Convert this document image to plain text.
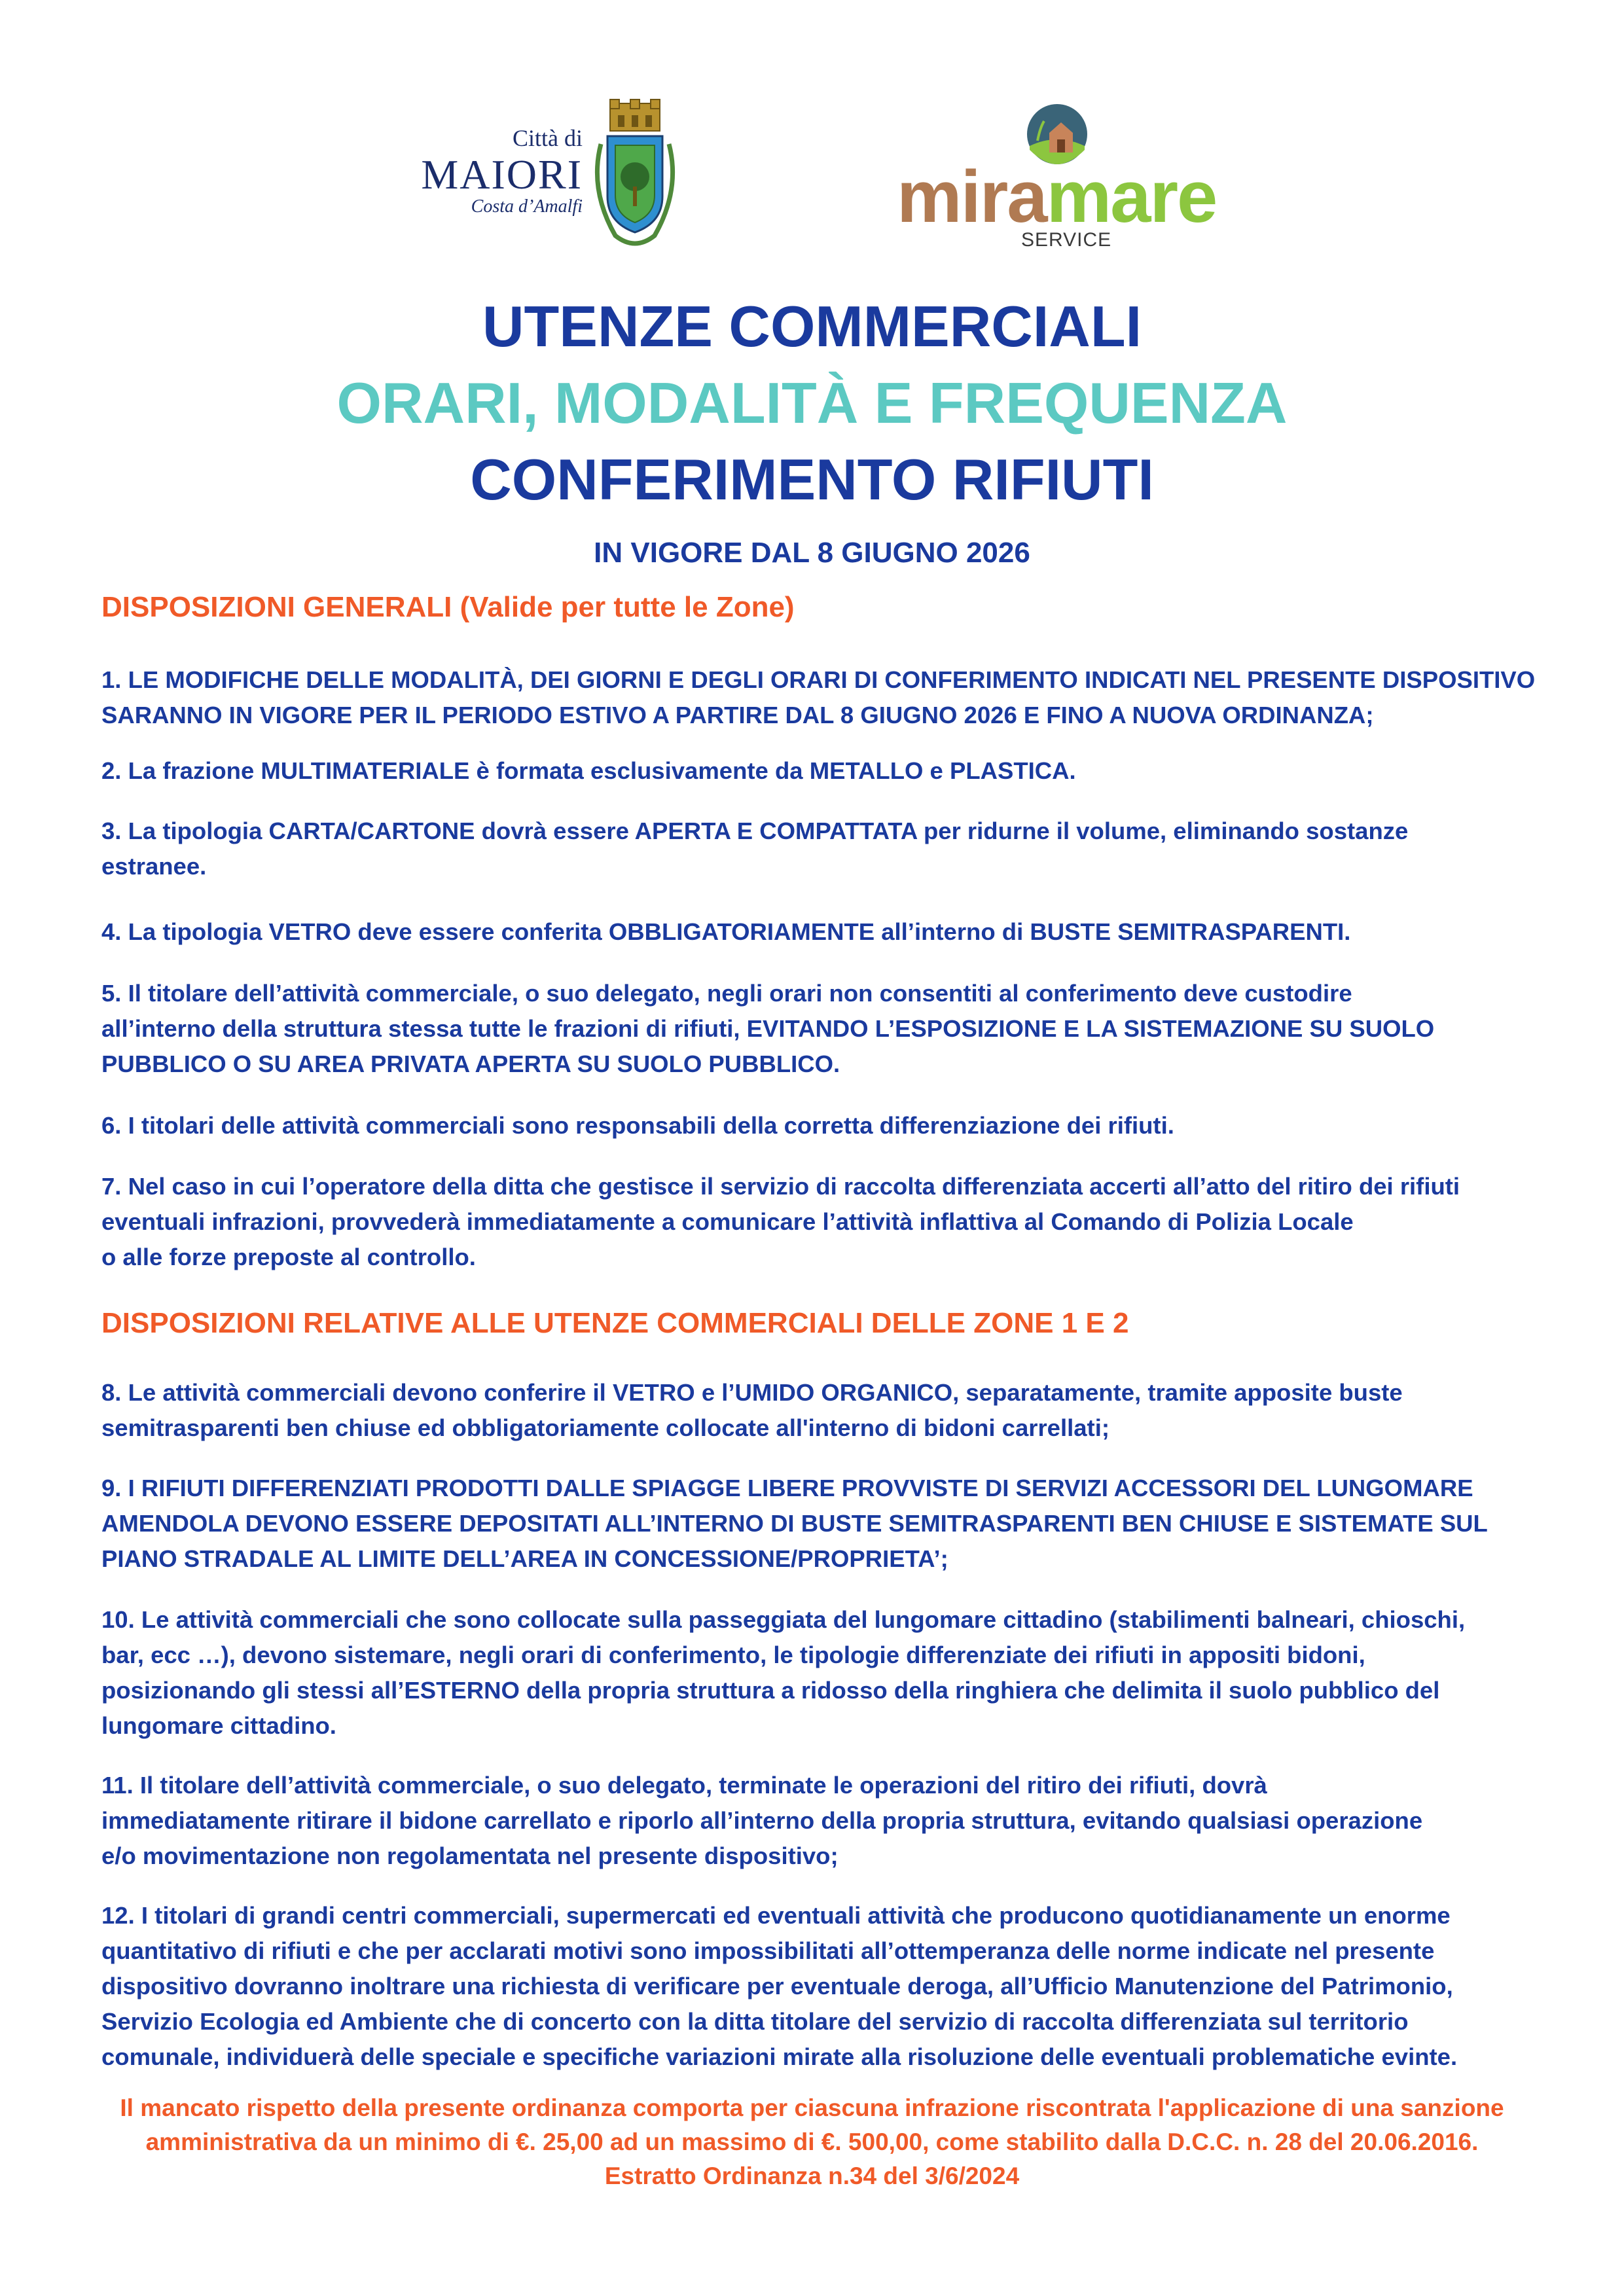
Città di
MAIORI
Costa d’Amalfi	miramare
SERVICE
UTENZE COMMERCIALI
ORARI, MODALITÀ E FREQUENZA
CONFERIMENTO RIFIUTI
IN VIGORE DAL 8 GIUGNO 2026
DISPOSIZIONI GENERALI (Valide per tutte le Zone)
1. LE MODIFICHE DELLE MODALITÀ, DEI GIORNI E DEGLI ORARI DI CONFERIMENTO INDICATI NEL PRESENTE DISPOSITIVO
SARANNO IN VIGORE PER IL PERIODO ESTIVO A PARTIRE DAL 8 GIUGNO 2026 E FINO A NUOVA ORDINANZA;
2. La frazione MULTIMATERIALE è formata esclusivamente da METALLO e PLASTICA.
3. La tipologia CARTA/CARTONE dovrà essere APERTA E COMPATTATA per ridurne il volume, eliminando sostanze
estranee.
4. La tipologia VETRO deve essere conferita OBBLIGATORIAMENTE all’interno di BUSTE SEMITRASPARENTI.
5. Il titolare dell’attività commerciale, o suo delegato, negli orari non consentiti al conferimento deve custodire
all’interno della struttura stessa tutte le frazioni di rifiuti, EVITANDO L’ESPOSIZIONE E LA SISTEMAZIONE SU SUOLO
PUBBLICO O SU AREA PRIVATA APERTA SU SUOLO PUBBLICO.
6. I titolari delle attività commerciali sono responsabili della corretta differenziazione dei rifiuti.
7. Nel caso in cui l’operatore della ditta che gestisce il servizio di raccolta differenziata accerti all’atto del ritiro dei rifiuti
eventuali infrazioni, provvederà immediatamente a comunicare l’attività inflattiva al Comando di Polizia Locale
o alle forze preposte al controllo.
DISPOSIZIONI RELATIVE ALLE UTENZE COMMERCIALI DELLE ZONE 1 E 2
8. Le attività commerciali devono conferire il VETRO e l’UMIDO ORGANICO, separatamente, tramite apposite buste
semitrasparenti ben chiuse ed obbligatoriamente collocate all'interno di bidoni carrellati;
9. I RIFIUTI DIFFERENZIATI PRODOTTI DALLE SPIAGGE LIBERE PROVVISTE DI SERVIZI ACCESSORI DEL LUNGOMARE
AMENDOLA DEVONO ESSERE DEPOSITATI ALL’INTERNO DI BUSTE SEMITRASPARENTI BEN CHIUSE E SISTEMATE SUL
PIANO STRADALE AL LIMITE DELL’AREA IN CONCESSIONE/PROPRIETA’;
10. Le attività commerciali che sono collocate sulla passeggiata del lungomare cittadino (stabilimenti balneari, chioschi,
bar, ecc …), devono sistemare, negli orari di conferimento, le tipologie differenziate dei rifiuti in appositi bidoni,
posizionando gli stessi all’ESTERNO della propria struttura a ridosso della ringhiera che delimita il suolo pubblico del
lungomare cittadino.
11. Il titolare dell’attività commerciale, o suo delegato, terminate le operazioni del ritiro dei rifiuti, dovrà
immediatamente ritirare il bidone carrellato e riporlo all’interno della propria struttura, evitando qualsiasi operazione
e/o movimentazione non regolamentata nel presente dispositivo;
12. I titolari di grandi centri commerciali, supermercati ed eventuali attività che producono quotidianamente un enorme
quantitativo di rifiuti e che per acclarati motivi sono impossibilitati all’ottemperanza delle norme indicate nel presente
dispositivo dovranno inoltrare una richiesta di verificare per eventuale deroga, all’Ufficio Manutenzione del Patrimonio,
Servizio Ecologia ed Ambiente che di concerto con la ditta titolare del servizio di raccolta differenziata sul territorio
comunale, individuerà delle speciale e specifiche variazioni mirate alla risoluzione delle eventuali problematiche evinte.
Il mancato rispetto della presente ordinanza comporta per ciascuna infrazione riscontrata l'applicazione di una sanzione
amministrativa da un minimo di €. 25,00 ad un massimo di €. 500,00, come stabilito dalla D.C.C. n. 28 del 20.06.2016.
Estratto Ordinanza n.34 del 3/6/2024
